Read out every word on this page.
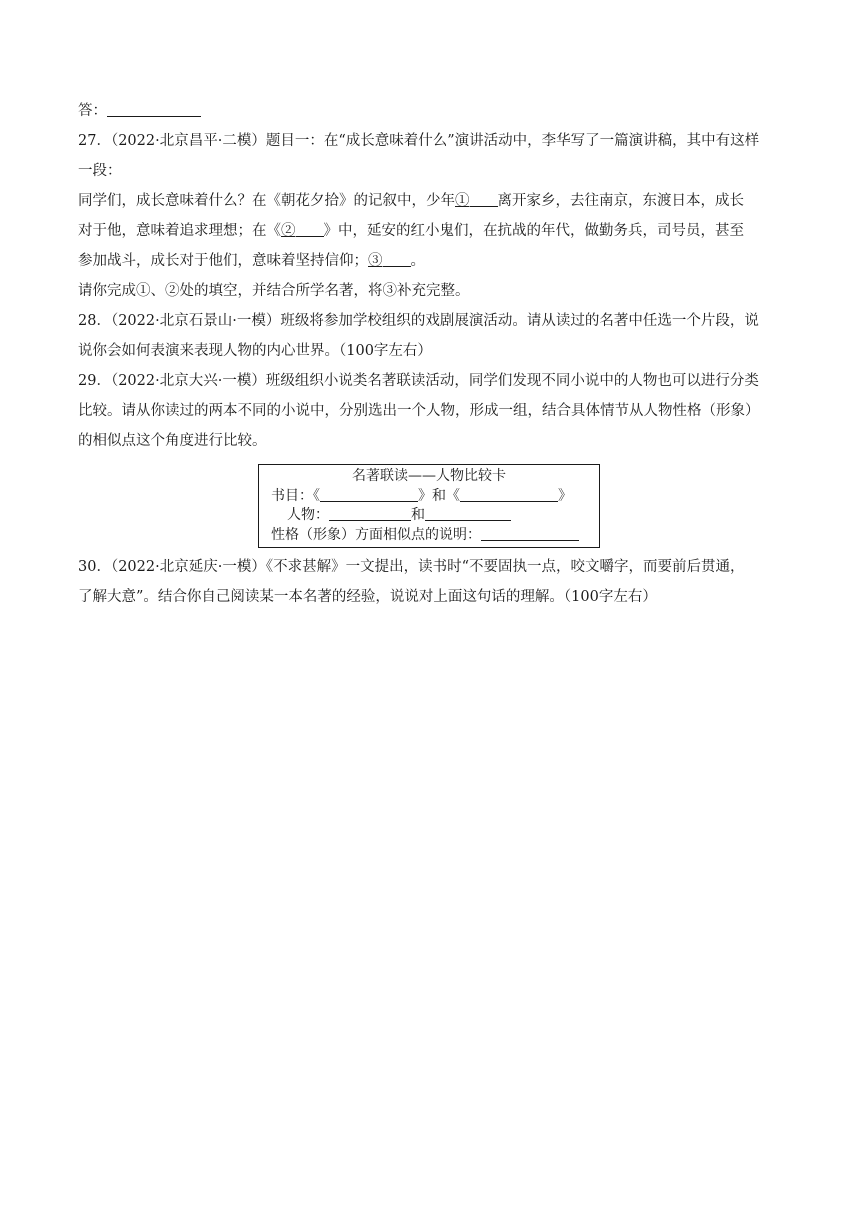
答：
27．（2022·北京昌平·二模）题目一：在“成长意味着什么”演讲活动中，李华写了一篇演讲稿，其中有这样
一段：
同学们，成长意味着什么？在《朝花夕拾》的记叙中，少年① 离开家乡，去往南京，东渡日本，成长
对于他，意味着追求理想；在《② 》中，延安的红小鬼们，在抗战的年代，做勤务兵，司号员，甚至
参加战斗，成长对于他们，意味着坚持信仰；③ 。
请你完成①、②处的填空，并结合所学名著，将③补充完整。
28．（2022·北京石景山·一模）班级将参加学校组织的戏剧展演活动。请从读过的名著中任选一个片段，说
说你会如何表演来表现人物的内心世界。（100字左右）
29．（2022·北京大兴·一模）班级组织小说类名著联读活动，同学们发现不同小说中的人物也可以进行分类
比较。请从你读过的两本不同的小说中，分别选出一个人物，形成一组，结合具体情节从人物性格（形象）
的相似点这个角度进行比较。
名著联读——人物比较卡
书目：《	》和《	》
人物：	和
性格（形象）方面相似点的说明：
30．（2022·北京延庆·一模）《不求甚解》一文提出，读书时“不要固执一点，咬文嚼字，而要前后贯通，
了解大意”。结合你自己阅读某一本名著的经验，说说对上面这句话的理解。（100字左右）
